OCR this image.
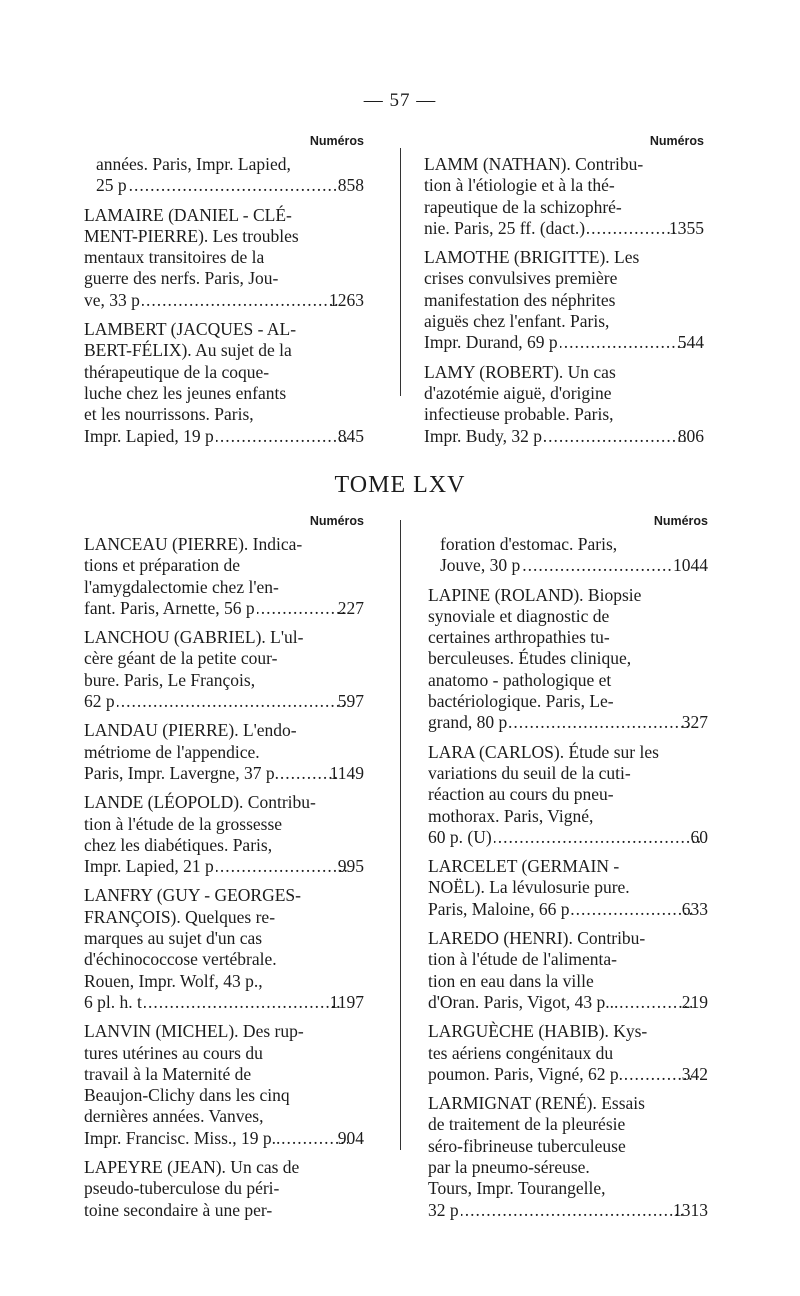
— 57 —
Numéros
années. Paris, Impr. Lapied,
25 p .....	858
LAMAIRE (DANIEL - CLÉ-
MENT-PIERRE). Les troubles
mentaux transitoires de la
guerre des nerfs. Paris, Jou-
ve, 33 p .....	1263
LAMBERT (JACQUES - AL-
BERT-FÉLIX). Au sujet de la
thérapeutique de la coque-
luche chez les jeunes enfants
et les nourrissons. Paris,
Impr. Lapied, 19 p .....	845
Numéros
LAMM (NATHAN). Contribu-
tion à l'étiologie et à la thé-
rapeutique de la schizophré-
nie. Paris, 25 ff. (dact.) .....	1355
LAMOTHE (BRIGITTE). Les
crises convulsives première
manifestation des néphrites
aiguës chez l'enfant. Paris,
Impr. Durand, 69 p .....	544
LAMY (ROBERT). Un cas
d'azotémie aiguë, d'origine
infectieuse probable. Paris,
Impr. Budy, 32 p .....	806
TOME LXV
Numéros
LANCEAU (PIERRE). Indica-
tions et préparation de
l'amygdalectomie chez l'en-
fant. Paris, Arnette, 56 p .....	227
LANCHOU (GABRIEL). L'ul-
cère géant de la petite cour-
bure. Paris, Le François,
62 p .....	597
LANDAU (PIERRE). L'endo-
métriome de l'appendice.
Paris, Impr. Lavergne, 37 p. .....	1149
LANDE (LÉOPOLD). Contribu-
tion à l'étude de la grossesse
chez les diabétiques. Paris,
Impr. Lapied, 21 p .....	995
LANFRY (GUY - GEORGES-
FRANÇOIS). Quelques re-
marques au sujet d'un cas
d'échinococcose vertébrale.
Rouen, Impr. Wolf, 43 p.,
6 pl. h. t .....	1197
LANVIN (MICHEL). Des rup-
tures utérines au cours du
travail à la Maternité de
Beaujon-Clichy dans les cinq
dernières années. Vanves,
Impr. Francisc. Miss., 19 p.. .....	904
LAPEYRE (JEAN). Un cas de
pseudo-tuberculose du péri-
toine secondaire à une per-
Numéros
foration d'estomac. Paris,
Jouve, 30 p .....	1044
LAPINE (ROLAND). Biopsie
synoviale et diagnostic de
certaines arthropathies tu-
berculeuses. Études clinique,
anatomo - pathologique et
bactériologique. Paris, Le-
grand, 80 p .....	327
LARA (CARLOS). Étude sur les
variations du seuil de la cuti-
réaction au cours du pneu-
mothorax. Paris, Vigné,
60 p. (U) .....	60
LARCELET (GERMAIN -
NOËL). La lévulosurie pure.
Paris, Maloine, 66 p .....	633
LAREDO (HENRI). Contribu-
tion à l'étude de l'alimenta-
tion en eau dans la ville
d'Oran. Paris, Vigot, 43 p... .....	219
LARGUÈCHE (HABIB). Kys-
tes aériens congénitaux du
poumon. Paris, Vigné, 62 p. .....	342
LARMIGNAT (RENÉ). Essais
de traitement de la pleurésie
séro-fibrineuse tuberculeuse
par la pneumo-séreuse.
Tours, Impr. Tourangelle,
32 p .....	1313
